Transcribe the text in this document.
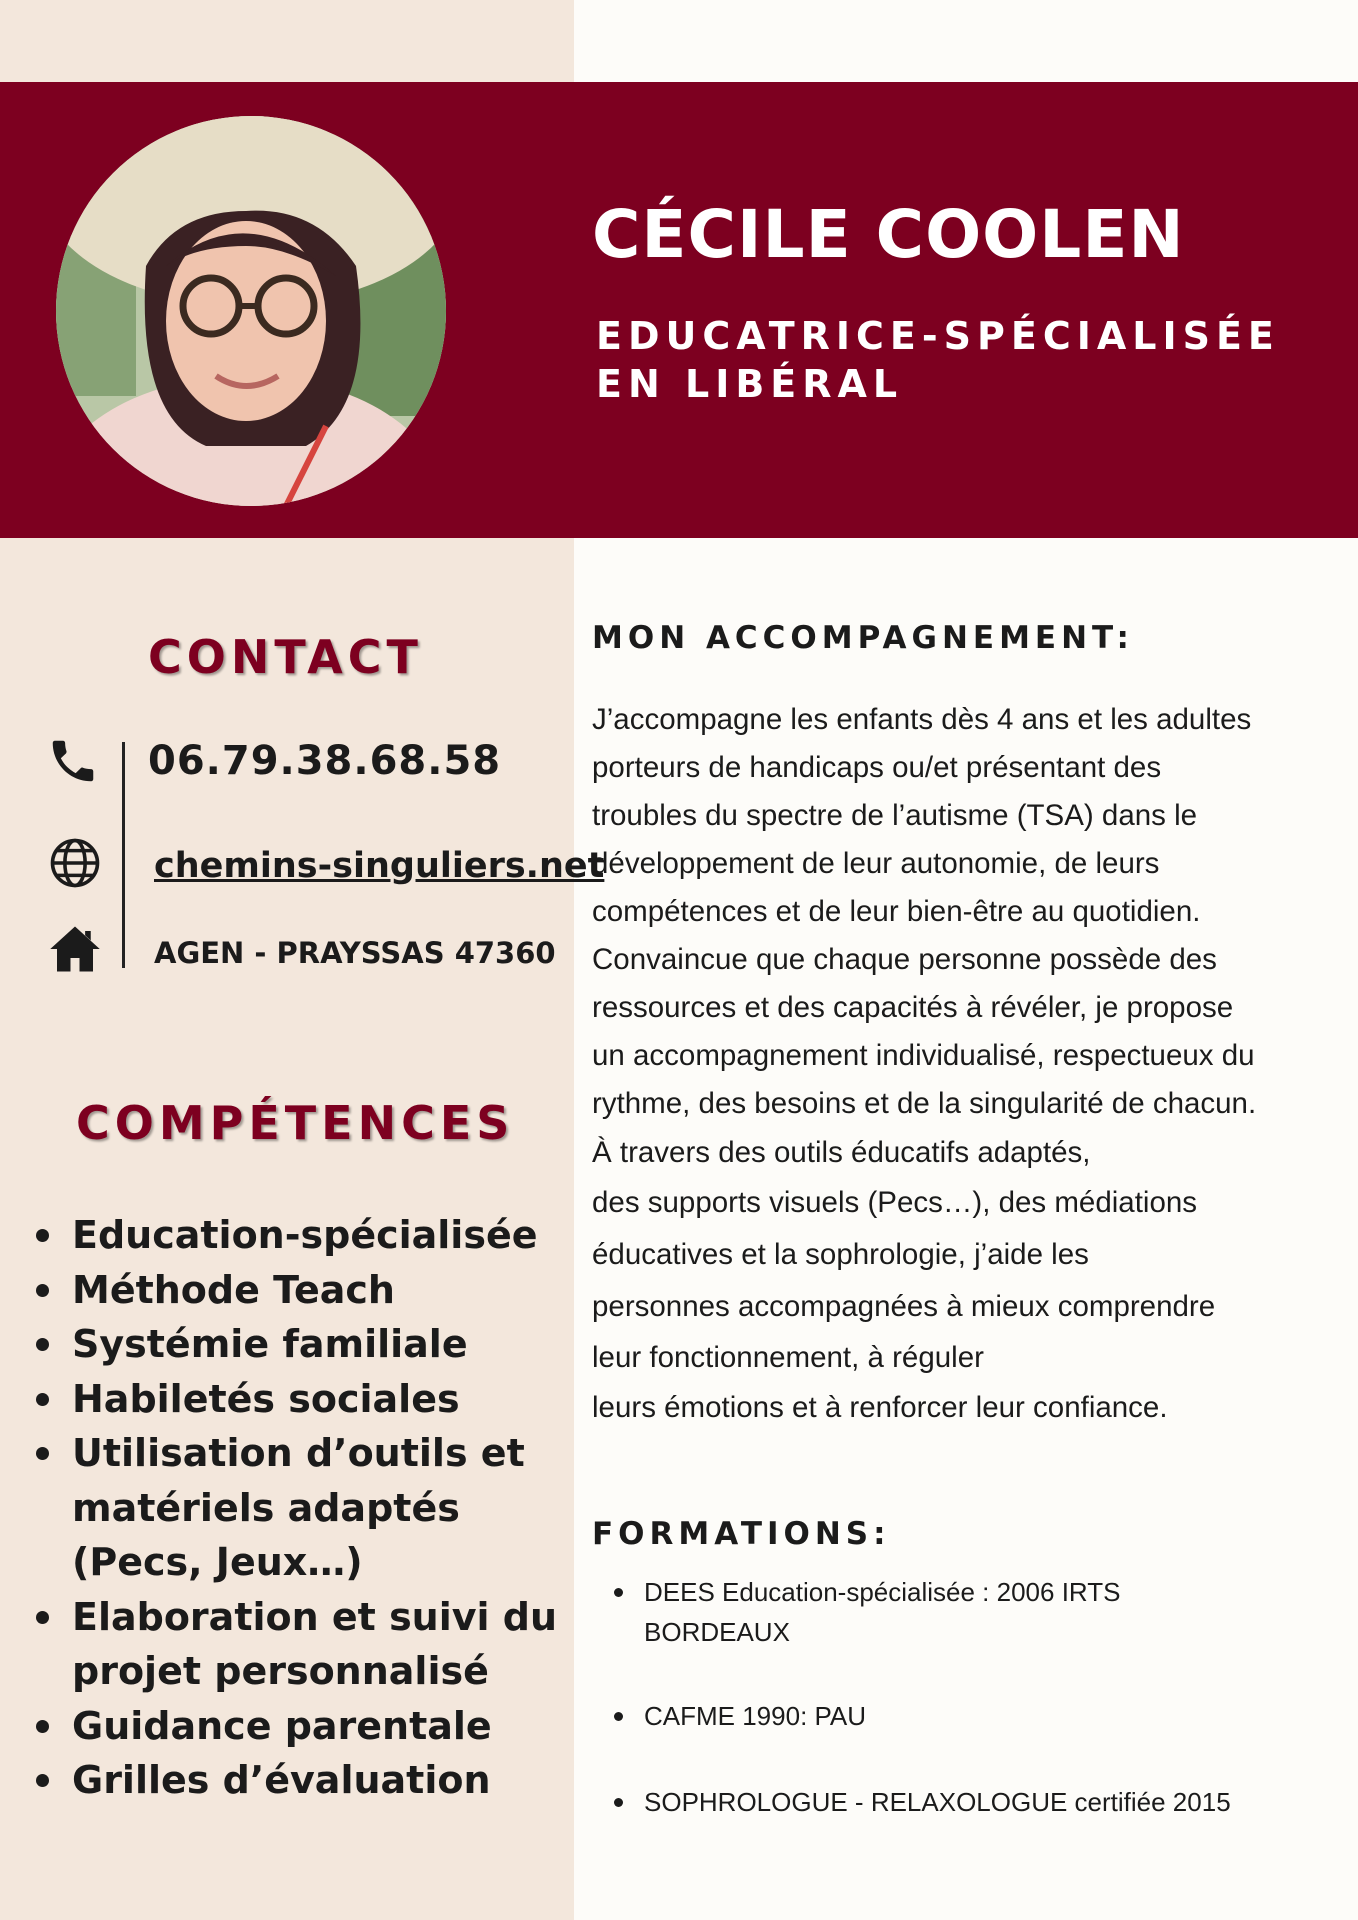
CÉCILE COOLEN
EDUCATRICE-SPÉCIALISÉE
EN LIBÉRAL
CONTACT
06.79.38.68.58
chemins-singuliers.net
AGEN - PRAYSSAS 47360
COMPÉTENCES
Education-spécialisée
Méthode Teach
Systémie familiale
Habiletés sociales
Utilisation d’outils et matériels adaptés (Pecs, Jeux…)
Elaboration et suivi du projet personnalisé
Guidance parentale
Grilles d’évaluation
MON ACCOMPAGNEMENT:
J’accompagne les enfants dès 4 ans et les adultes
porteurs de handicaps ou/et présentant des
troubles du spectre de l’autisme (TSA) dans le
développement de leur autonomie, de leurs
compétences et de leur bien-être au quotidien.
Convaincue que chaque personne possède des
ressources et des capacités à révéler, je propose
un accompagnement individualisé, respectueux du
rythme, des besoins et de la singularité de chacun.
À travers des outils éducatifs adaptés,
des supports visuels (Pecs…), des médiations
éducatives et la sophrologie, j’aide les
personnes accompagnées à mieux comprendre
leur fonctionnement, à réguler
leurs émotions et à renforcer leur confiance.
FORMATIONS:
DEES Education-spécialisée : 2006 IRTS BORDEAUX
CAFME 1990: PAU
SOPHROLOGUE - RELAXOLOGUE certifiée 2015
